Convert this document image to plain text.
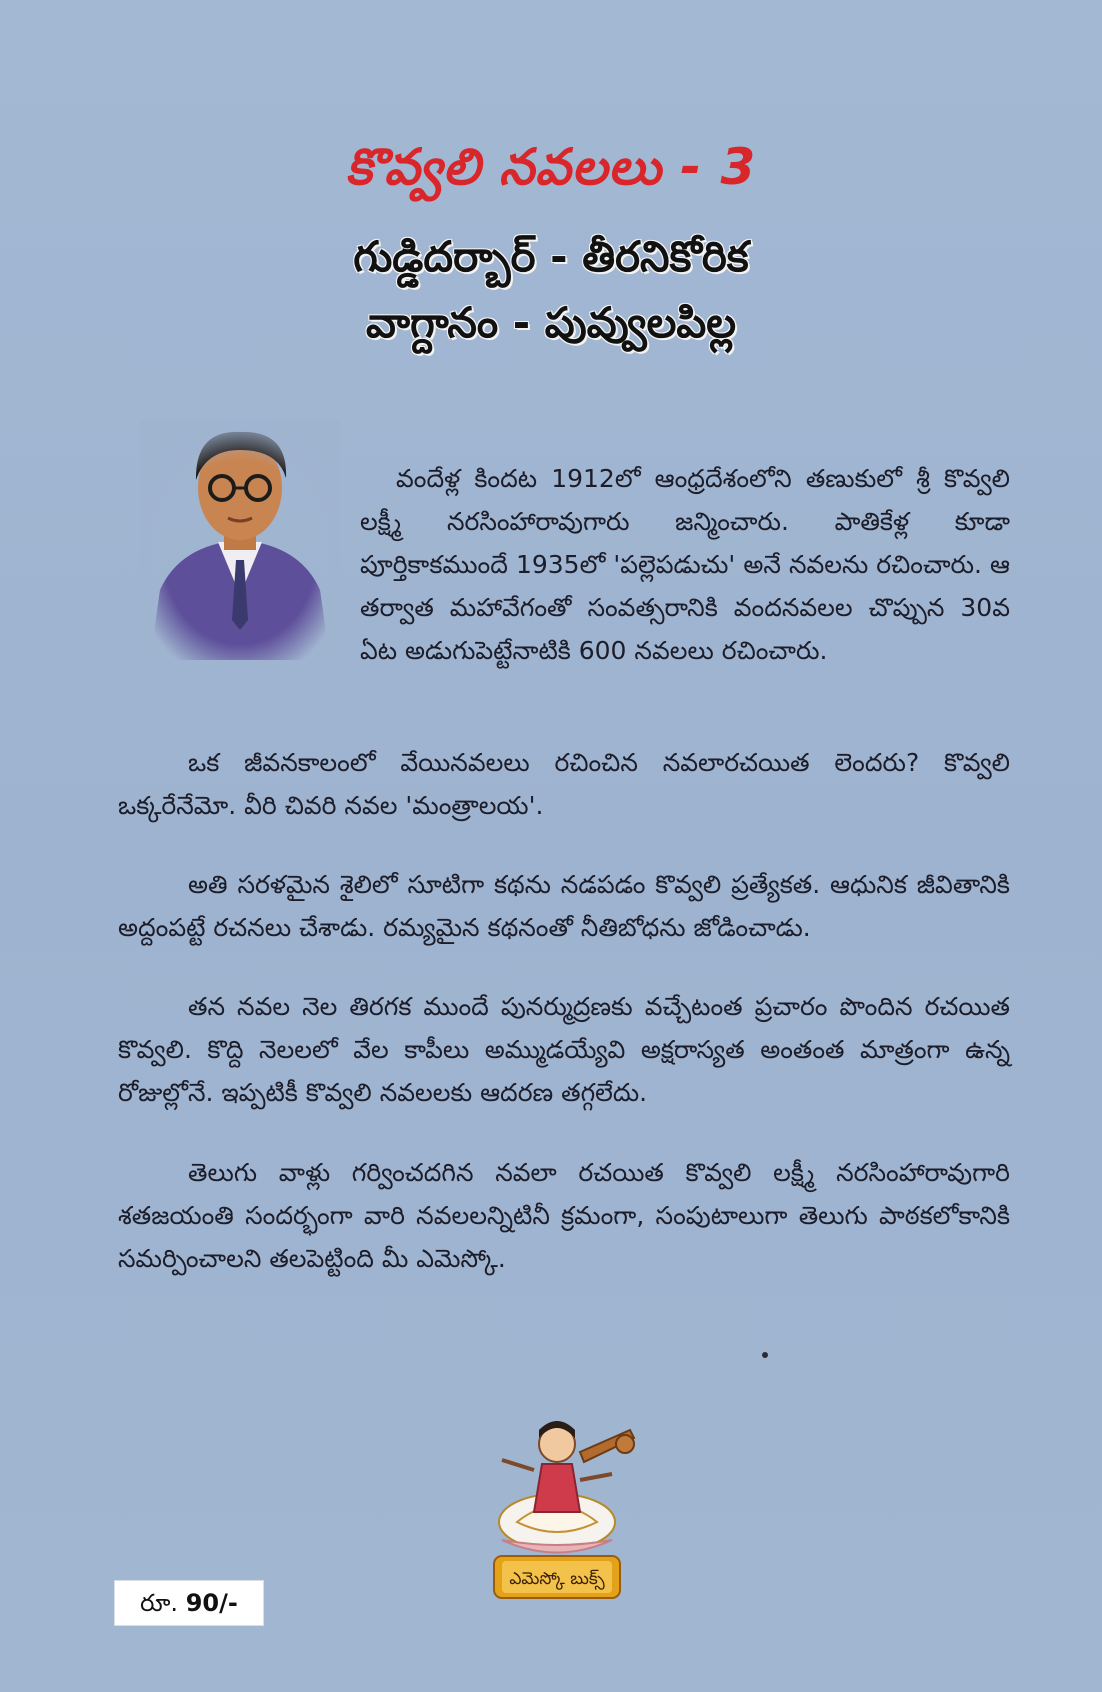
కొవ్వలి నవలలు - 3
గుడ్డిదర్బార్ - తీరనికోరిక
వాగ్దానం - పువ్వులపిల్ల

వందేళ్ల కిందట 1912లో ఆంధ్రదేశంలోని తణుకులో శ్రీ కొవ్వలి లక్ష్మీ నరసింహారావుగారు జన్మించారు. పాతికేళ్ల కూడా పూర్తికాకముందే 1935లో 'పల్లెపడుచు' అనే నవలను రచించారు. ఆ తర్వాత మహావేగంతో సంవత్సరానికి వందనవలల చొప్పున 30వ ఏట అడుగుపెట్టేనాటికి 600 నవలలు రచించారు.

ఒక జీవనకాలంలో వేయినవలలు రచించిన నవలారచయిత లెందరు? కొవ్వలి ఒక్కరేనేమో. వీరి చివరి నవల 'మంత్రాలయ'.

అతి సరళమైన శైలిలో సూటిగా కథను నడపడం కొవ్వలి ప్రత్యేకత. ఆధునిక జీవితానికి అద్దంపట్టే రచనలు చేశాడు. రమ్యమైన కథనంతో నీతిబోధను జోడించాడు.

తన నవల నెల తిరగక ముందే పునర్ముద్రణకు వచ్చేటంత ప్రచారం పొందిన రచయిత కొవ్వలి. కొద్ది నెలలలో వేల కాపీలు అమ్ముడయ్యేవి అక్షరాస్యత అంతంత మాత్రంగా ఉన్న రోజుల్లోనే. ఇప్పటికీ కొవ్వలి నవలలకు ఆదరణ తగ్గలేదు.

తెలుగు వాళ్లు గర్వించదగిన నవలా రచయిత కొవ్వలి లక్ష్మీ నరసింహారావుగారి శతజయంతి సందర్భంగా వారి నవలలన్నిటినీ క్రమంగా, సంపుటాలుగా తెలుగు పాఠకలోకానికి సమర్పించాలని తలపెట్టింది మీ ఎమెస్కో.

ఎమెస్కో బుక్స్
రూ. 90/-
